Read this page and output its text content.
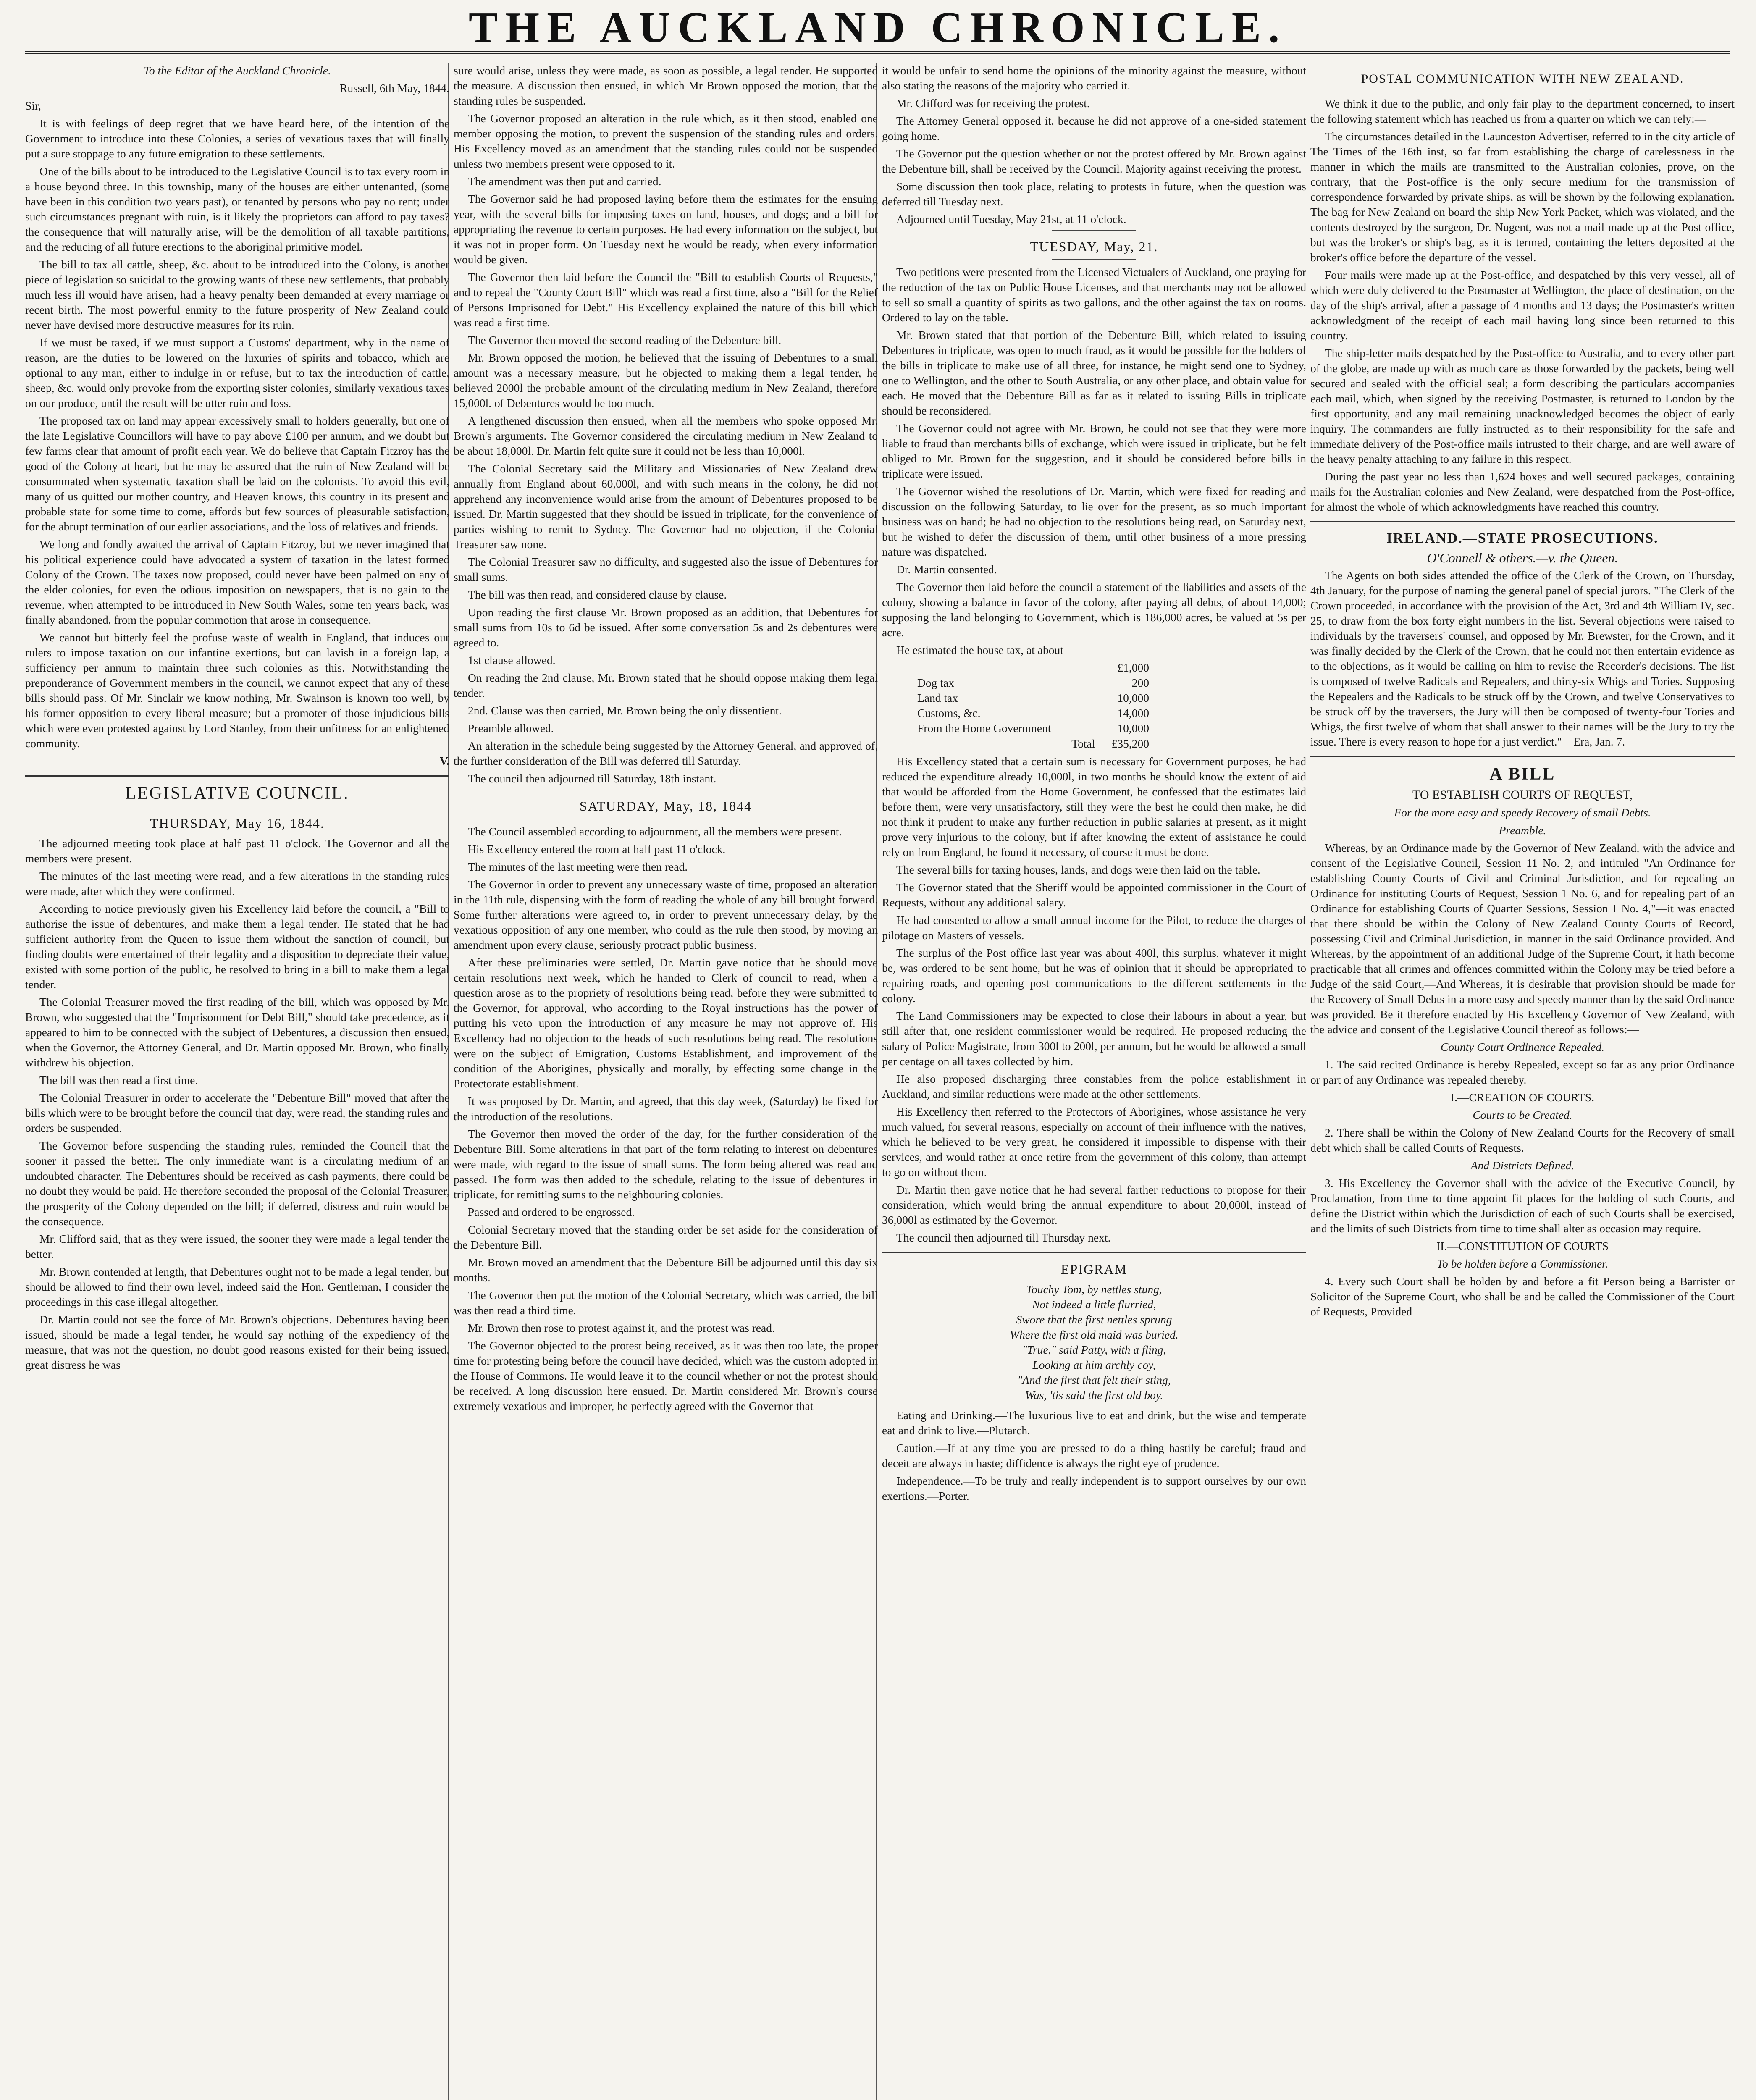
THE AUCKLAND CHRONICLE.

To the Editor of the Auckland Chronicle.

Russell, 6th May, 1844.

Sir,

It is with feelings of deep regret that we have heard here, of the intention of the Government to introduce into these Colonies, a series of vexatious taxes that will finally put a sure stoppage to any future emigration to these settlements.

One of the bills about to be introduced to the Legislative Council is to tax every room in a house beyond three. In this township, many of the houses are either untenanted, (some have been in this condition two years past), or tenanted by persons who pay no rent; under such circumstances pregnant with ruin, is it likely the proprietors can afford to pay taxes? the consequence that will naturally arise, will be the demolition of all taxable partitions, and the reducing of all future erections to the aboriginal primitive model.

The bill to tax all cattle, sheep, &c. about to be introduced into the Colony, is another piece of legislation so suicidal to the growing wants of these new settlements, that probably much less ill would have arisen, had a heavy penalty been demanded at every marriage or recent birth. The most powerful enmity to the future prosperity of New Zealand could never have devised more destructive measures for its ruin.

If we must be taxed, if we must support a Customs' department, why in the name of reason, are the duties to be lowered on the luxuries of spirits and tobacco, which are optional to any man, either to indulge in or refuse, but to tax the introduction of cattle, sheep, &c. would only provoke from the exporting sister colonies, similarly vexatious taxes on our produce, until the result will be utter ruin and loss.

The proposed tax on land may appear excessively small to holders generally, but one of the late Legislative Councillors will have to pay above £100 per annum, and we doubt but few farms clear that amount of profit each year. We do believe that Captain Fitzroy has the good of the Colony at heart, but he may be assured that the ruin of New Zealand will be consummated when systematic taxation shall be laid on the colonists. To avoid this evil, many of us quitted our mother country, and Heaven knows, this country in its present and probable state for some time to come, affords but few sources of pleasurable satisfaction, for the abrupt termination of our earlier associations, and the loss of relatives and friends.

We long and fondly awaited the arrival of Captain Fitzroy, but we never imagined that his political experience could have advocated a system of taxation in the latest formed Colony of the Crown. The taxes now proposed, could never have been palmed on any of the elder colonies, for even the odious imposition on newspapers, that is no gain to the revenue, when attempted to be introduced in New South Wales, some ten years back, was finally abandoned, from the popular commotion that arose in consequence.

We cannot but bitterly feel the profuse waste of wealth in England, that induces our rulers to impose taxation on our infantine exertions, but can lavish in a foreign lap, a sufficiency per annum to maintain three such colonies as this. Notwithstanding the preponderance of Government members in the council, we cannot expect that any of these bills should pass. Of Mr. Sinclair we know nothing, Mr. Swainson is known too well, by his former opposition to every liberal measure; but a promoter of those injudicious bills which were even protested against by Lord Stanley, from their unfitness for an enlightened community.

V.

LEGISLATIVE COUNCIL.
THURSDAY, May 16, 1844.

The adjourned meeting took place at half past 11 o'clock. The Governor and all the members were present.

The minutes of the last meeting were read, and a few alterations in the standing rules were made, after which they were confirmed.

According to notice previously given his Excellency laid before the council, a "Bill to authorise the issue of debentures, and make them a legal tender. He stated that he had sufficient authority from the Queen to issue them without the sanction of council, but finding doubts were entertained of their legality and a disposition to depreciate their value, existed with some portion of the public, he resolved to bring in a bill to make them a legal tender.

The Colonial Treasurer moved the first reading of the bill, which was opposed by Mr. Brown, who suggested that the "Imprisonment for Debt Bill," should take precedence, as it appeared to him to be connected with the subject of Debentures, a discussion then ensued, when the Governor, the Attorney General, and Dr. Martin opposed Mr. Brown, who finally withdrew his objection.

The bill was then read a first time.

The Colonial Treasurer in order to accelerate the "Debenture Bill" moved that after the bills which were to be brought before the council that day, were read, the standing rules and orders be suspended.

The Governor before suspending the standing rules, reminded the Council that the sooner it passed the better. The only immediate want is a circulating medium of an undoubted character. The Debentures should be received as cash payments, there could be no doubt they would be paid. He therefore seconded the proposal of the Colonial Treasurer, the prosperity of the Colony depended on the bill; if deferred, distress and ruin would be the consequence.

Mr. Clifford said, that as they were issued, the sooner they were made a legal tender the better.

Mr. Brown contended at length, that Debentures ought not to be made a legal tender, but should be allowed to find their own level, indeed said the Hon. Gentleman, I consider the proceedings in this case illegal altogether.

Dr. Martin could not see the force of Mr. Brown's objections. Debentures having been issued, should be made a legal tender, he would say nothing of the expediency of the measure, that was not the question, no doubt good reasons existed for their being issued, great distress he was

sure would arise, unless they were made, as soon as possible, a legal tender. He supported the measure. A discussion then ensued, in which Mr Brown opposed the motion, that the standing rules be suspended.

The Governor proposed an alteration in the rule which, as it then stood, enabled one member opposing the motion, to prevent the suspension of the standing rules and orders. His Excellency moved as an amendment that the standing rules could not be suspended unless two members present were opposed to it.

The amendment was then put and carried.

The Governor said he had proposed laying before them the estimates for the ensuing year, with the several bills for imposing taxes on land, houses, and dogs; and a bill for appropriating the revenue to certain purposes. He had every information on the subject, but it was not in proper form. On Tuesday next he would be ready, when every information would be given.

The Governor then laid before the Council the "Bill to establish Courts of Requests," and to repeal the "County Court Bill" which was read a first time, also a "Bill for the Relief of Persons Imprisoned for Debt." His Excellency explained the nature of this bill which was read a first time.

The Governor then moved the second reading of the Debenture bill.

Mr. Brown opposed the motion, he believed that the issuing of Debentures to a small amount was a necessary measure, but he objected to making them a legal tender, he believed 2000l the probable amount of the circulating medium in New Zealand, therefore 15,000l. of Debentures would be too much.

A lengthened discussion then ensued, when all the members who spoke opposed Mr. Brown's arguments. The Governor considered the circulating medium in New Zealand to be about 18,000l. Dr. Martin felt quite sure it could not be less than 10,000l.

The Colonial Secretary said the Military and Missionaries of New Zealand drew annually from England about 60,000l, and with such means in the colony, he did not apprehend any inconvenience would arise from the amount of Debentures proposed to be issued. Dr. Martin suggested that they should be issued in triplicate, for the convenience of parties wishing to remit to Sydney. The Governor had no objection, if the Colonial Treasurer saw none.

The Colonial Treasurer saw no difficulty, and suggested also the issue of Debentures for small sums.

The bill was then read, and considered clause by clause.

Upon reading the first clause Mr. Brown proposed as an addition, that Debentures for small sums from 10s to 6d be issued. After some conversation 5s and 2s debentures were agreed to.

1st clause allowed.

On reading the 2nd clause, Mr. Brown stated that he should oppose making them legal tender.

2nd. Clause was then carried, Mr. Brown being the only dissentient.

Preamble allowed.

An alteration in the schedule being suggested by the Attorney General, and approved of, the further consideration of the Bill was deferred till Saturday.

The council then adjourned till Saturday, 18th instant.

SATURDAY, May, 18, 1844

The Council assembled according to adjournment, all the members were present.

His Excellency entered the room at half past 11 o'clock.

The minutes of the last meeting were then read.

The Governor in order to prevent any unnecessary waste of time, proposed an alteration in the 11th rule, dispensing with the form of reading the whole of any bill brought forward. Some further alterations were agreed to, in order to prevent unnecessary delay, by the vexatious opposition of any one member, who could as the rule then stood, by moving an amendment upon every clause, seriously protract public business.

After these preliminaries were settled, Dr. Martin gave notice that he should move certain resolutions next week, which he handed to Clerk of council to read, when a question arose as to the propriety of resolutions being read, before they were submitted to the Governor, for approval, who according to the Royal instructions has the power of putting his veto upon the introduction of any measure he may not approve of. His Excellency had no objection to the heads of such resolutions being read. The resolutions were on the subject of Emigration, Customs Establishment, and improvement of the condition of the Aborigines, physically and morally, by effecting some change in the Protectorate establishment.

It was proposed by Dr. Martin, and agreed, that this day week, (Saturday) be fixed for the introduction of the resolutions.

The Governor then moved the order of the day, for the further consideration of the Debenture Bill. Some alterations in that part of the form relating to interest on debentures were made, with regard to the issue of small sums. The form being altered was read and passed. The form was then added to the schedule, relating to the issue of debentures in triplicate, for remitting sums to the neighbouring colonies.

Passed and ordered to be engrossed.

Colonial Secretary moved that the standing order be set aside for the consideration of the Debenture Bill.

Mr. Brown moved an amendment that the Debenture Bill be adjourned until this day six months.

The Governor then put the motion of the Colonial Secretary, which was carried, the bill was then read a third time.

Mr. Brown then rose to protest against it, and the protest was read.

The Governor objected to the protest being received, as it was then too late, the proper time for protesting being before the council have decided, which was the custom adopted in the House of Commons. He would leave it to the council whether or not the protest should be received. A long discussion here ensued. Dr. Martin considered Mr. Brown's course extremely vexatious and improper, he perfectly agreed with the Governor that

it would be unfair to send home the opinions of the minority against the measure, without also stating the reasons of the majority who carried it.

Mr. Clifford was for receiving the protest.

The Attorney General opposed it, because he did not approve of a one-sided statement going home.

The Governor put the question whether or not the protest offered by Mr. Brown against the Debenture bill, shall be received by the Council. Majority against receiving the protest.

Some discussion then took place, relating to protests in future, when the question was deferred till Tuesday next.

Adjourned until Tuesday, May 21st, at 11 o'clock.

TUESDAY, May, 21.

Two petitions were presented from the Licensed Victualers of Auckland, one praying for the reduction of the tax on Public House Licenses, and that merchants may not be allowed to sell so small a quantity of spirits as two gallons, and the other against the tax on rooms. Ordered to lay on the table.

Mr. Brown stated that that portion of the Debenture Bill, which related to issuing Debentures in triplicate, was open to much fraud, as it would be possible for the holders of the bills in triplicate to make use of all three, for instance, he might send one to Sydney, one to Wellington, and the other to South Australia, or any other place, and obtain value for each. He moved that the Debenture Bill as far as it related to issuing Bills in triplicate should be reconsidered.

The Governor could not agree with Mr. Brown, he could not see that they were more liable to fraud than merchants bills of exchange, which were issued in triplicate, but he felt obliged to Mr. Brown for the suggestion, and it should be considered before bills in triplicate were issued.

The Governor wished the resolutions of Dr. Martin, which were fixed for reading and discussion on the following Saturday, to lie over for the present, as so much important business was on hand; he had no objection to the resolutions being read, on Saturday next, but he wished to defer the discussion of them, until other business of a more pressing nature was dispatched.

Dr. Martin consented.

The Governor then laid before the council a statement of the liabilities and assets of the colony, showing a balance in favor of the colony, after paying all debts, of about 14,000; supposing the land belonging to Government, which is 186,000 acres, be valued at 5s per acre.

He estimated the house tax, at about

	£1,000
Dog tax	200
Land tax	10,000
Customs, &c.	14,000
From the Home Government	10,000
Total	£35,200

His Excellency stated that a certain sum is necessary for Government purposes, he had reduced the expenditure already 10,000l, in two months he should know the extent of aid that would be afforded from the Home Government, he confessed that the estimates laid before them, were very unsatisfactory, still they were the best he could then make, he did not think it prudent to make any further reduction in public salaries at present, as it might prove very injurious to the colony, but if after knowing the extent of assistance he could rely on from England, he found it necessary, of course it must be done.

The several bills for taxing houses, lands, and dogs were then laid on the table.

The Governor stated that the Sheriff would be appointed commissioner in the Court of Requests, without any additional salary.

He had consented to allow a small annual income for the Pilot, to reduce the charges of pilotage on Masters of vessels.

The surplus of the Post office last year was about 400l, this surplus, whatever it might be, was ordered to be sent home, but he was of opinion that it should be appropriated to repairing roads, and opening post communications to the different settlements in the colony.

The Land Commissioners may be expected to close their labours in about a year, but still after that, one resident commissioner would be required. He proposed reducing the salary of Police Magistrate, from 300l to 200l, per annum, but he would be allowed a small per centage on all taxes collected by him.

He also proposed discharging three constables from the police establishment in Auckland, and similar reductions were made at the other settlements.

His Excellency then referred to the Protectors of Aborigines, whose assistance he very much valued, for several reasons, especially on account of their influence with the natives, which he believed to be very great, he considered it impossible to dispense with their services, and would rather at once retire from the government of this colony, than attempt to go on without them.

Dr. Martin then gave notice that he had several farther reductions to propose for their consideration, which would bring the annual expenditure to about 20,000l, instead of 36,000l as estimated by the Governor.

The council then adjourned till Thursday next.

EPIGRAM
Touchy Tom, by nettles stung,
Not indeed a little flurried,
Swore that the first nettles sprung
Where the first old maid was buried.
"True," said Patty, with a fling,
Looking at him archly coy,
"And the first that felt their sting,
Was, 'tis said the first old boy.

Eating and Drinking.—The luxurious live to eat and drink, but the wise and temperate eat and drink to live.—Plutarch.

Caution.—If at any time you are pressed to do a thing hastily be careful; fraud and deceit are always in haste; diffidence is always the right eye of prudence.

Independence.—To be truly and really independent is to support ourselves by our own exertions.—Porter.

POSTAL COMMUNICATION WITH NEW ZEALAND.

We think it due to the public, and only fair play to the department concerned, to insert the following statement which has reached us from a quarter on which we can rely:—

The circumstances detailed in the Launceston Advertiser, referred to in the city article of The Times of the 16th inst, so far from establishing the charge of carelessness in the manner in which the mails are transmitted to the Australian colonies, prove, on the contrary, that the Post-office is the only secure medium for the transmission of correspondence forwarded by private ships, as will be shown by the following explanation. The bag for New Zealand on board the ship New York Packet, which was violated, and the contents destroyed by the surgeon, Dr. Nugent, was not a mail made up at the Post office, but was the broker's or ship's bag, as it is termed, containing the letters deposited at the broker's office before the departure of the vessel.

Four mails were made up at the Post-office, and despatched by this very vessel, all of which were duly delivered to the Postmaster at Wellington, the place of destination, on the day of the ship's arrival, after a passage of 4 months and 13 days; the Postmaster's written acknowledgment of the receipt of each mail having long since been returned to this country.

The ship-letter mails despatched by the Post-office to Australia, and to every other part of the globe, are made up with as much care as those forwarded by the packets, being well secured and sealed with the official seal; a form describing the particulars accompanies each mail, which, when signed by the receiving Postmaster, is returned to London by the first opportunity, and any mail remaining unacknowledged becomes the object of early inquiry. The commanders are fully instructed as to their responsibility for the safe and immediate delivery of the Post-office mails intrusted to their charge, and are well aware of the heavy penalty attaching to any failure in this respect.

During the past year no less than 1,624 boxes and well secured packages, containing mails for the Australian colonies and New Zealand, were despatched from the Post-office, for almost the whole of which acknowledgments have reached this country.

IRELAND.—STATE PROSECUTIONS.

O'Connell & others.—v. the Queen.

The Agents on both sides attended the office of the Clerk of the Crown, on Thursday, 4th January, for the purpose of naming the general panel of special jurors. "The Clerk of the Crown proceeded, in accordance with the provision of the Act, 3rd and 4th William IV, sec. 25, to draw from the box forty eight numbers in the list. Several objections were raised to individuals by the traversers' counsel, and opposed by Mr. Brewster, for the Crown, and it was finally decided by the Clerk of the Crown, that he could not then entertain evidence as to the objections, as it would be calling on him to revise the Recorder's decisions. The list is composed of twelve Radicals and Repealers, and thirty-six Whigs and Tories. Supposing the Repealers and the Radicals to be struck off by the Crown, and twelve Conservatives to be struck off by the traversers, the Jury will then be composed of twenty-four Tories and Whigs, the first twelve of whom that shall answer to their names will be the Jury to try the issue. There is every reason to hope for a just verdict."—Era, Jan. 7.

A BILL

TO ESTABLISH COURTS OF REQUEST,

For the more easy and speedy Recovery of small Debts.

Preamble.

Whereas, by an Ordinance made by the Governor of New Zealand, with the advice and consent of the Legislative Council, Session 11 No. 2, and intituled "An Ordinance for establishing County Courts of Civil and Criminal Jurisdiction, and for repealing an Ordinance for instituting Courts of Request, Session 1 No. 6, and for repealing part of an Ordinance for establishing Courts of Quarter Sessions, Session 1 No. 4,"—it was enacted that there should be within the Colony of New Zealand County Courts of Record, possessing Civil and Criminal Jurisdiction, in manner in the said Ordinance provided. And Whereas, by the appointment of an additional Judge of the Supreme Court, it hath become practicable that all crimes and offences committed within the Colony may be tried before a Judge of the said Court,—And Whereas, it is desirable that provision should be made for the Recovery of Small Debts in a more easy and speedy manner than by the said Ordinance was provided. Be it therefore enacted by His Excellency Governor of New Zealand, with the advice and consent of the Legislative Council thereof as follows:—

County Court Ordinance Repealed.

1. The said recited Ordinance is hereby Repealed, except so far as any prior Ordinance or part of any Ordinance was repealed thereby.

I.—CREATION OF COURTS.

Courts to be Created.

2. There shall be within the Colony of New Zealand Courts for the Recovery of small debt which shall be called Courts of Requests.

And Districts Defined.

3. His Excellency the Governor shall with the advice of the Executive Council, by Proclamation, from time to time appoint fit places for the holding of such Courts, and define the District within which the Jurisdiction of each of such Courts shall be exercised, and the limits of such Districts from time to time shall alter as occasion may require.

II.—CONSTITUTION OF COURTS

To be holden before a Commissioner.

4. Every such Court shall be holden by and before a fit Person being a Barrister or Solicitor of the Supreme Court, who shall be and be called the Commissioner of the Court of Requests, Provided
